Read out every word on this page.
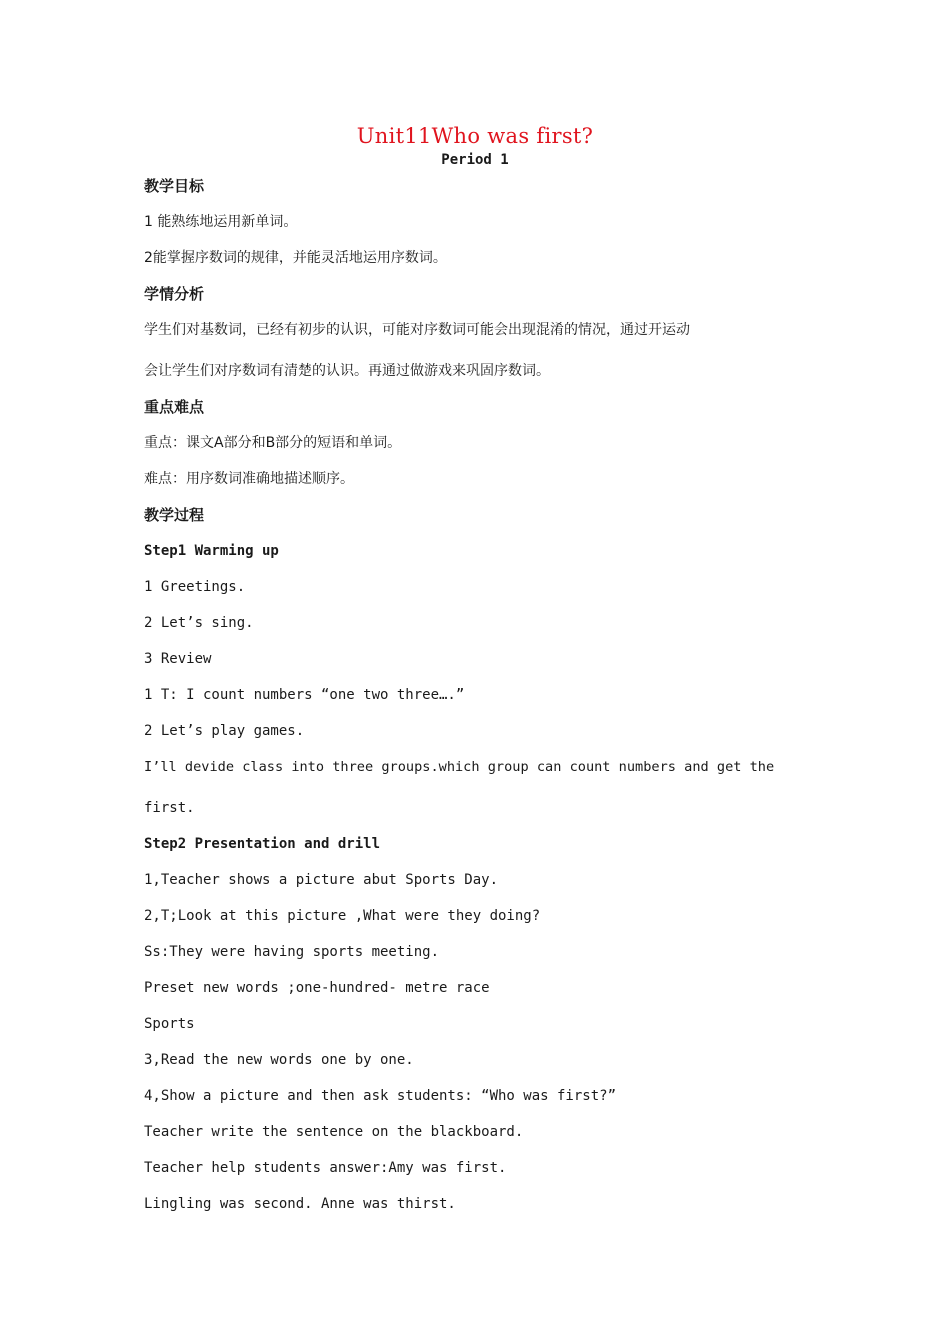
Unit11Who was first?
Period 1
教学目标
1 能熟练地运用新单词。
2能掌握序数词的规律，并能灵活地运用序数词。
学情分析
学生们对基数词，已经有初步的认识，可能对序数词可能会出现混淆的情况，通过开运动
会让学生们对序数词有清楚的认识。再通过做游戏来巩固序数词。
重点难点
重点：课文A部分和B部分的短语和单词。
难点：用序数词准确地描述顺序。
教学过程
Step1 Warming up
1 Greetings.
2 Let’s sing.
3 Review
1 T: I count numbers “one two three….”
2 Let’s play games.
I’ll devide class into three groups.which group can count numbers and get the
first.
Step2 Presentation and drill
1,Teacher shows a picture abut Sports Day.
2,T;Look at this picture ,What were they doing?
Ss:They were having sports meeting.
Preset new words ;one-hundred- metre race
Sports
3,Read the new words one by one.
4,Show a picture and then ask students: “Who was first?”
Teacher write the sentence on the blackboard.
Teacher help students answer:Amy was first.
Lingling was second. Anne was thirst.
